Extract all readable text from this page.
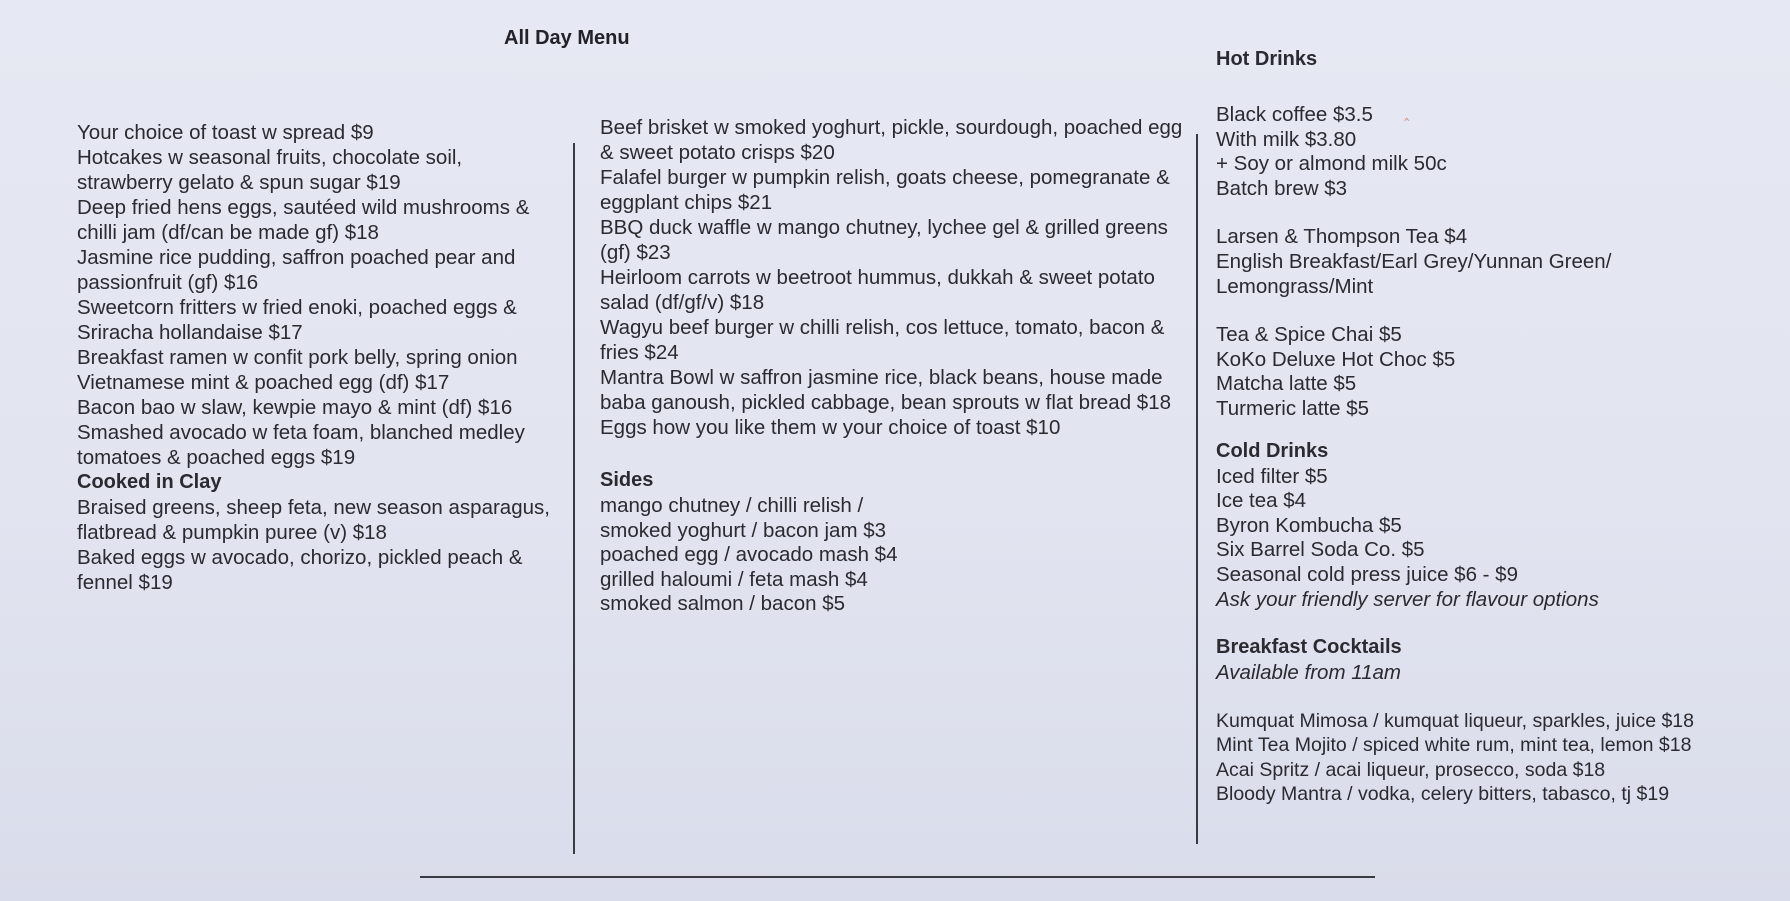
All Day Menu

Your choice of toast w spread $9

Hotcakes w seasonal fruits, chocolate soil, strawberry gelato & spun sugar $19

Deep fried hens eggs, sautéed wild mushrooms & chilli jam (df/can be made gf) $18

Jasmine rice pudding, saffron poached pear and passionfruit (gf) $16

Sweetcorn fritters w fried enoki, poached eggs & Sriracha hollandaise $17

Breakfast ramen w confit pork belly, spring onion Vietnamese mint & poached egg (df) $17

Bacon bao w slaw, kewpie mayo & mint (df) $16

Smashed avocado w feta foam, blanched medley tomatoes & poached eggs $19

Cooked in Clay

Braised greens, sheep feta, new season asparagus, flatbread & pumpkin puree (v) $18

Baked eggs w avocado, chorizo, pickled peach & fennel $19

Beef brisket w smoked yoghurt, pickle, sourdough, poached egg & sweet potato crisps $20

Falafel burger w pumpkin relish, goats cheese, pomegranate & eggplant chips $21

BBQ duck waffle w mango chutney, lychee gel & grilled greens (gf) $23

Heirloom carrots w beetroot hummus, dukkah & sweet potato salad (df/gf/v) $18

Wagyu beef burger w chilli relish, cos lettuce, tomato, bacon & fries $24

Mantra Bowl w saffron jasmine rice, black beans, house made baba ganoush, pickled cabbage, bean sprouts w flat bread $18

Eggs how you like them w your choice of toast $10

Sides

mango chutney / chilli relish /
smoked yoghurt / bacon jam $3
poached egg / avocado mash $4
grilled haloumi / feta mash $4
smoked salmon / bacon $5

Hot Drinks

Black coffee $3.5
With milk $3.80
+ Soy or almond milk 50c
Batch brew $3
Larsen & Thompson Tea $4
English Breakfast/Earl Grey/Yunnan Green/
Lemongrass/Mint
Tea & Spice Chai $5
KoKo Deluxe Hot Choc $5
Matcha latte $5
Turmeric latte $5

Cold Drinks

Iced filter $5
Ice tea $4
Byron Kombucha $5
Six Barrel Soda Co. $5
Seasonal cold press juice $6 - $9
Ask your friendly server for flavour options

Breakfast Cocktails

Available from 11am
Kumquat Mimosa / kumquat liqueur, sparkles, juice $18
Mint Tea Mojito / spiced white rum, mint tea, lemon $18
Acai Spritz / acai liqueur, prosecco, soda $18
Bloody Mantra / vodka, celery bitters, tabasco, tj $19
‸
